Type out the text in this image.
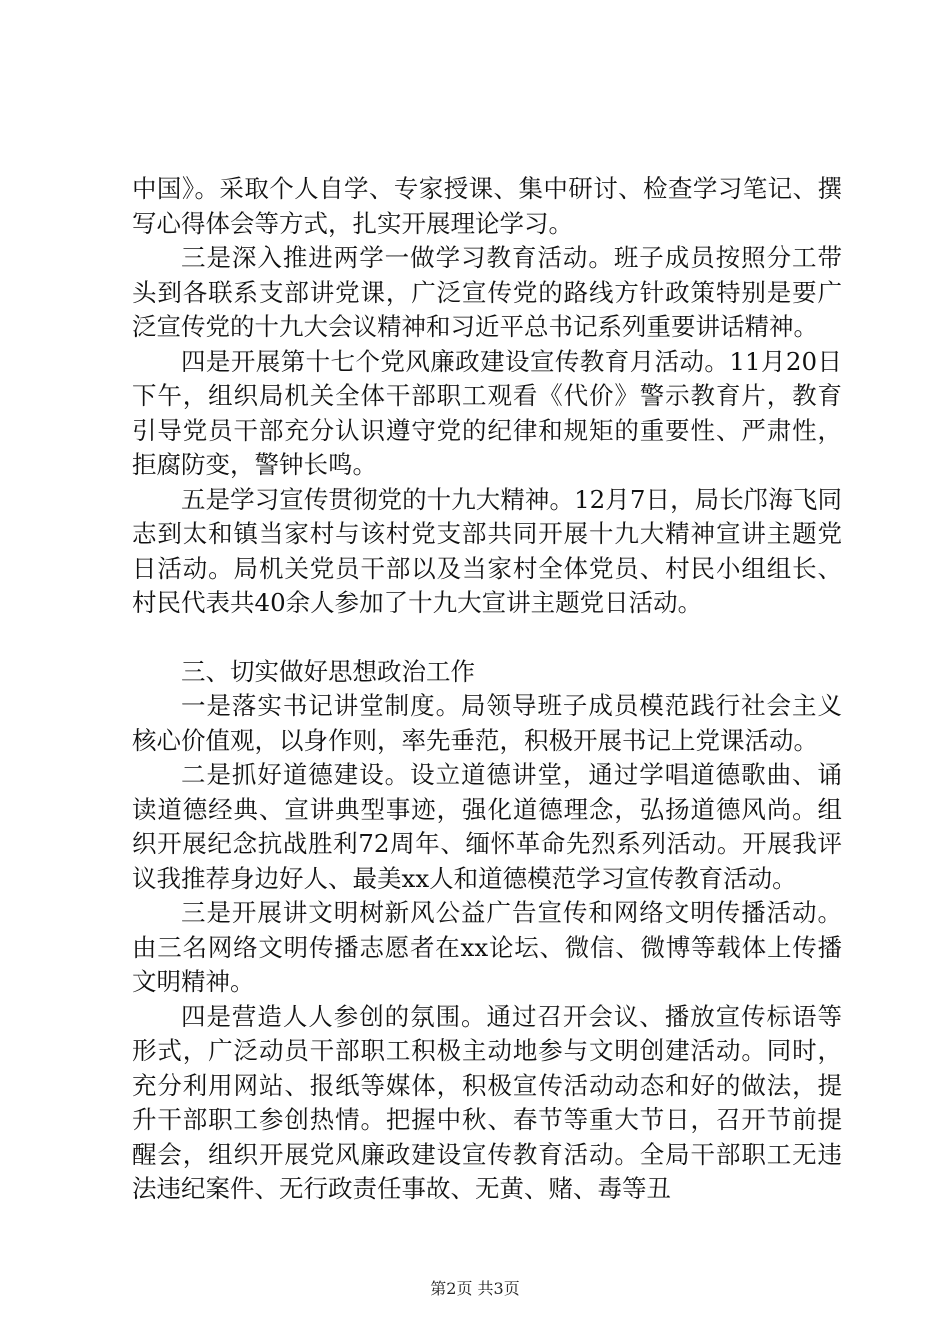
中国》。采取个人自学、专家授课、集中研讨、检查学习笔记、撰写心得体会等方式，扎实开展理论学习。

三是深入推进两学一做学习教育活动。班子成员按照分工带头到各联系支部讲党课，广泛宣传党的路线方针政策特别是要广泛宣传党的十九大会议精神和习近平总书记系列重要讲话精神。

四是开展第十七个党风廉政建设宣传教育月活动。11月20日下午，组织局机关全体干部职工观看《代价》警示教育片，教育引导党员干部充分认识遵守党的纪律和规矩的重要性、严肃性，拒腐防变，警钟长鸣。

五是学习宣传贯彻党的十九大精神。12月7日，局长邝海飞同志到太和镇当家村与该村党支部共同开展十九大精神宣讲主题党日活动。局机关党员干部以及当家村全体党员、村民小组组长、村民代表共40余人参加了十九大宣讲主题党日活动。

三、切实做好思想政治工作

一是落实书记讲堂制度。局领导班子成员模范践行社会主义核心价值观，以身作则，率先垂范，积极开展书记上党课活动。

二是抓好道德建设。设立道德讲堂，通过学唱道德歌曲、诵读道德经典、宣讲典型事迹，强化道德理念，弘扬道德风尚。组织开展纪念抗战胜利72周年、缅怀革命先烈系列活动。开展我评议我推荐身边好人、最美xx人和道德模范学习宣传教育活动。

三是开展讲文明树新风公益广告宣传和网络文明传播活动。由三名网络文明传播志愿者在xx论坛、微信、微博等载体上传播文明精神。

四是营造人人参创的氛围。通过召开会议、播放宣传标语等形式，广泛动员干部职工积极主动地参与文明创建活动。同时，充分利用网站、报纸等媒体，积极宣传活动动态和好的做法，提升干部职工参创热情。把握中秋、春节等重大节日，召开节前提醒会，组织开展党风廉政建设宣传教育活动。全局干部职工无违法违纪案件、无行政责任事故、无黄、赌、毒等丑

第2页 共3页
